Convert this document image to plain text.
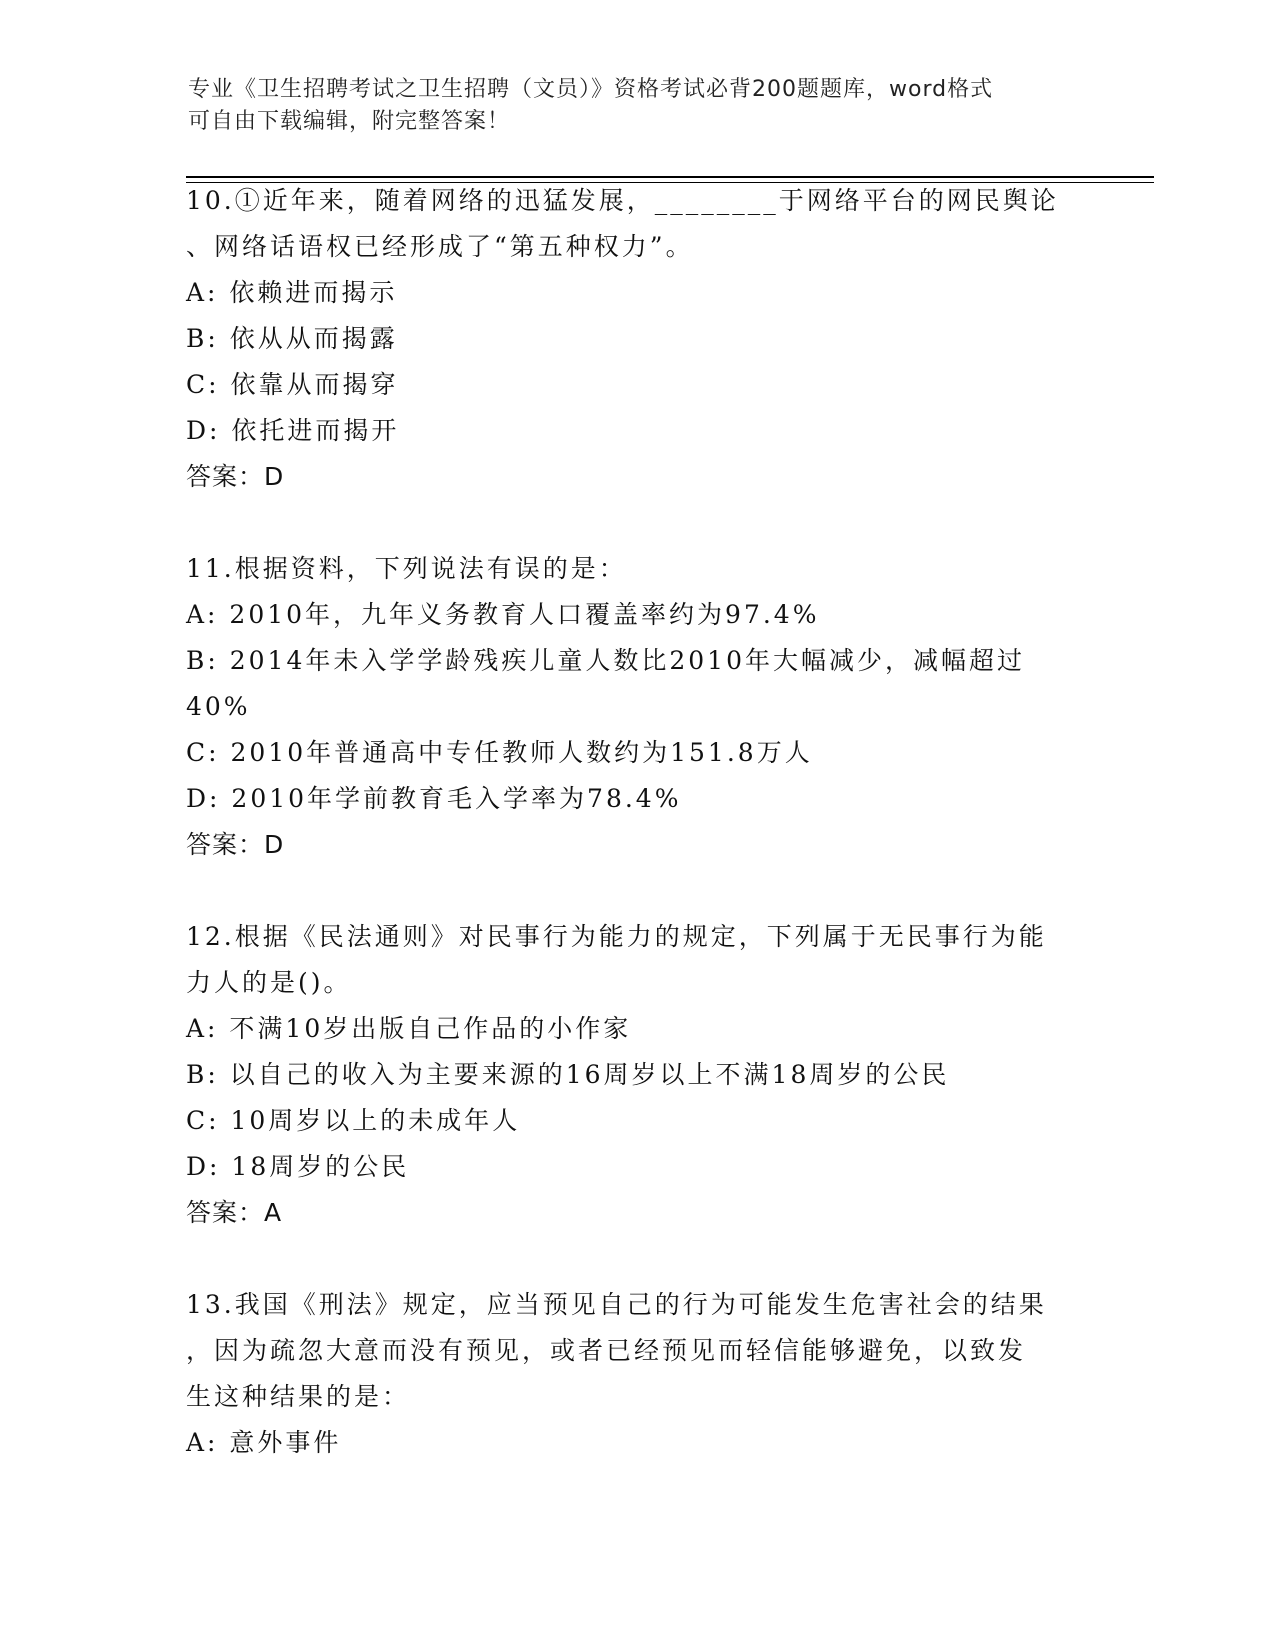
专业《卫生招聘考试之卫生招聘（文员）》资格考试必背200题题库，word格式
可自由下载编辑，附完整答案！
10.①近年来，随着网络的迅猛发展，________于网络平台的网民舆论
、网络话语权已经形成了“第五种权力”。
A: 依赖进而揭示
B: 依从从而揭露
C: 依靠从而揭穿
D: 依托进而揭开
答案：D
11.根据资料，下列说法有误的是：
A: 2010年，九年义务教育人口覆盖率约为97.4%
B: 2014年未入学学龄残疾儿童人数比2010年大幅减少，减幅超过
40%
C: 2010年普通高中专任教师人数约为151.8万人
D: 2010年学前教育毛入学率为78.4%
答案：D
12.根据《民法通则》对民事行为能力的规定，下列属于无民事行为能
力人的是()。
A: 不满10岁出版自己作品的小作家
B: 以自己的收入为主要来源的16周岁以上不满18周岁的公民
C: 10周岁以上的未成年人
D: 18周岁的公民
答案：A
13.我国《刑法》规定，应当预见自己的行为可能发生危害社会的结果
，因为疏忽大意而没有预见，或者已经预见而轻信能够避免，以致发
生这种结果的是：
A: 意外事件
